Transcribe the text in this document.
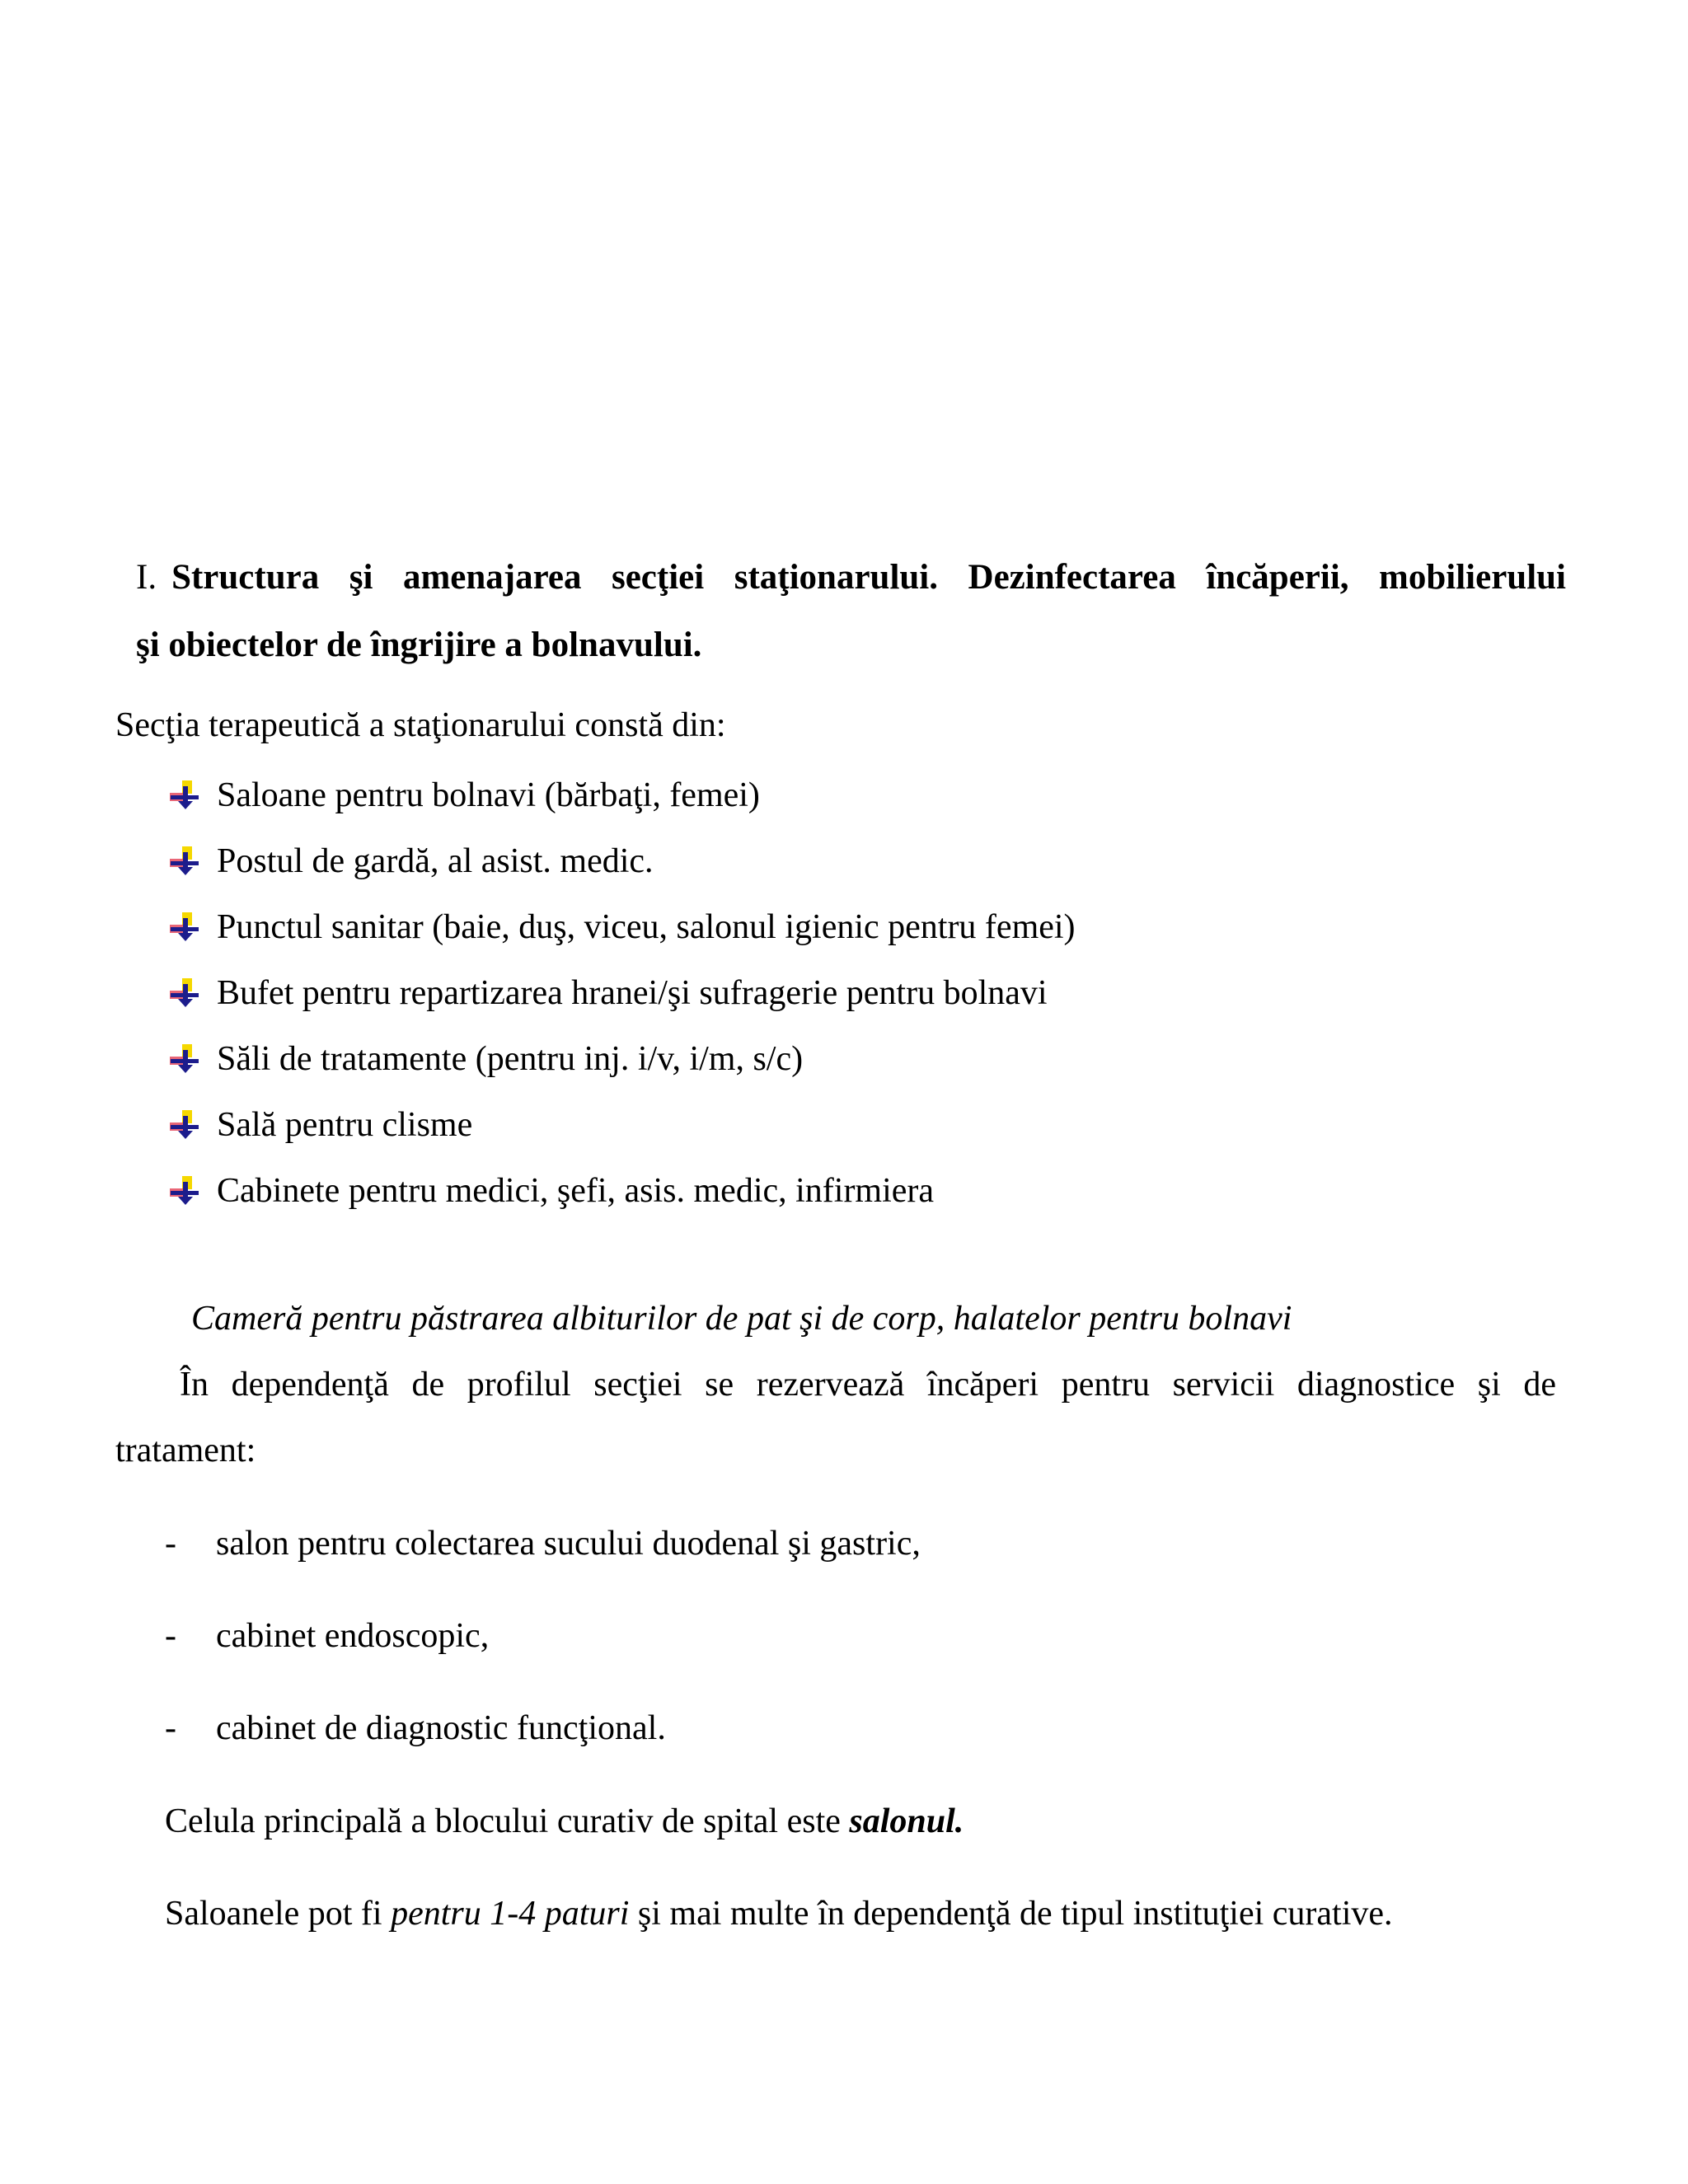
I. Structura şi amenajarea secţiei staţionarului. Dezinfectarea încăperii, mobilierului
şi obiectelor de îngrijire a bolnavului.
Secţia terapeutică a staţionarului constă din:
Saloane pentru bolnavi (bărbaţi, femei)
Postul de gardă, al asist. medic.
Punctul sanitar (baie, duş, viceu, salonul igienic pentru femei)
Bufet pentru repartizarea hranei/şi sufragerie pentru bolnavi
Săli de tratamente (pentru inj. i/v, i/m, s/c)
Sală pentru clisme
Cabinete pentru medici, şefi, asis. medic, infirmiera
Cameră pentru păstrarea albiturilor de pat şi de corp, halatelor pentru bolnavi
În dependenţă de profilul secţiei se rezervează încăperi pentru servicii diagnostice şi de
tratament:
-	salon pentru colectarea sucului duodenal şi gastric,
-	cabinet endoscopic,
-	cabinet de diagnostic funcţional.
Celula principală a blocului curativ de spital este salonul.
Saloanele pot fi pentru 1-4 paturi şi mai multe în dependenţă de tipul instituţiei curative.
